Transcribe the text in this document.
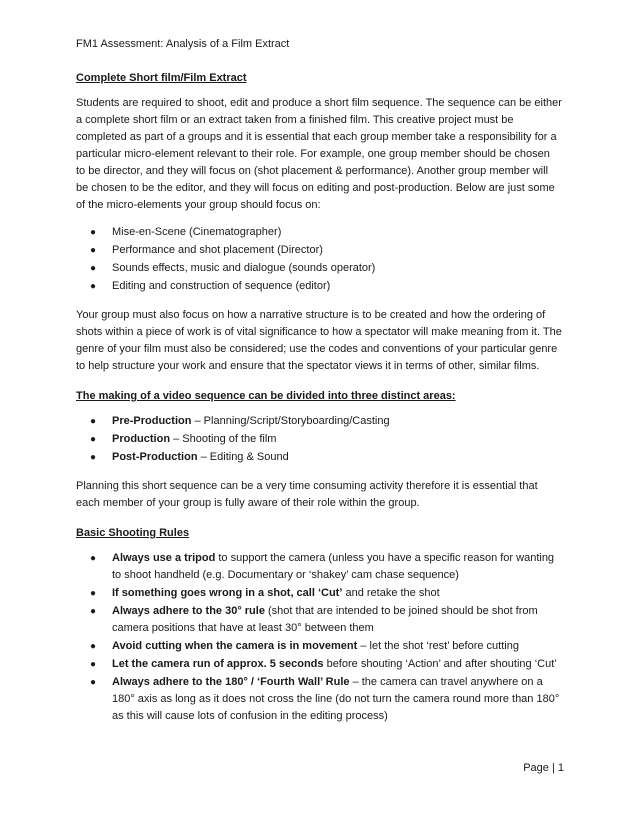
FM1 Assessment: Analysis of a Film Extract
Complete Short film/Film Extract

Students are required to shoot, edit and produce a short film sequence. The sequence can be either a complete short film or an extract taken from a finished film. This creative project must be completed as part of a groups and it is essential that each group member take a responsibility for a particular micro-element relevant to their role. For example, one group member should be chosen to be director, and they will focus on (shot placement & performance). Another group member will be chosen to be the editor, and they will focus on editing and post-production. Below are just some of the micro-elements your group should focus on:

● Mise-en-Scene (Cinematographer)
● Performance and shot placement (Director)
● Sounds effects, music and dialogue (sounds operator)
● Editing and construction of sequence (editor)

Your group must also focus on how a narrative structure is to be created and how the ordering of shots within a piece of work is of vital significance to how a spectator will make meaning from it. The genre of your film must also be considered; use the codes and conventions of your particular genre to help structure your work and ensure that the spectator views it in terms of other, similar films.

The making of a video sequence can be divided into three distinct areas:
● Pre-Production – Planning/Script/Storyboarding/Casting
● Production – Shooting of the film
● Post-Production – Editing & Sound

Planning this short sequence can be a very time consuming activity therefore it is essential that each member of your group is fully aware of their role within the group.

Basic Shooting Rules
● Always use a tripod to support the camera (unless you have a specific reason for wanting to shoot handheld (e.g. Documentary or ‘shakey’ cam chase sequence)
● If something goes wrong in a shot, call ‘Cut’ and retake the shot
● Always adhere to the 30° rule (shot that are intended to be joined should be shot from camera positions that have at least 30° between them
● Avoid cutting when the camera is in movement – let the shot ‘rest’ before cutting
● Let the camera run of approx. 5 seconds before shouting ‘Action’ and after shouting ‘Cut’
● Always adhere to the 180° / ‘Fourth Wall’ Rule – the camera can travel anywhere on a 180° axis as long as it does not cross the line (do not turn the camera round more than 180° as this will cause lots of confusion in the editing process)
Page | 1
